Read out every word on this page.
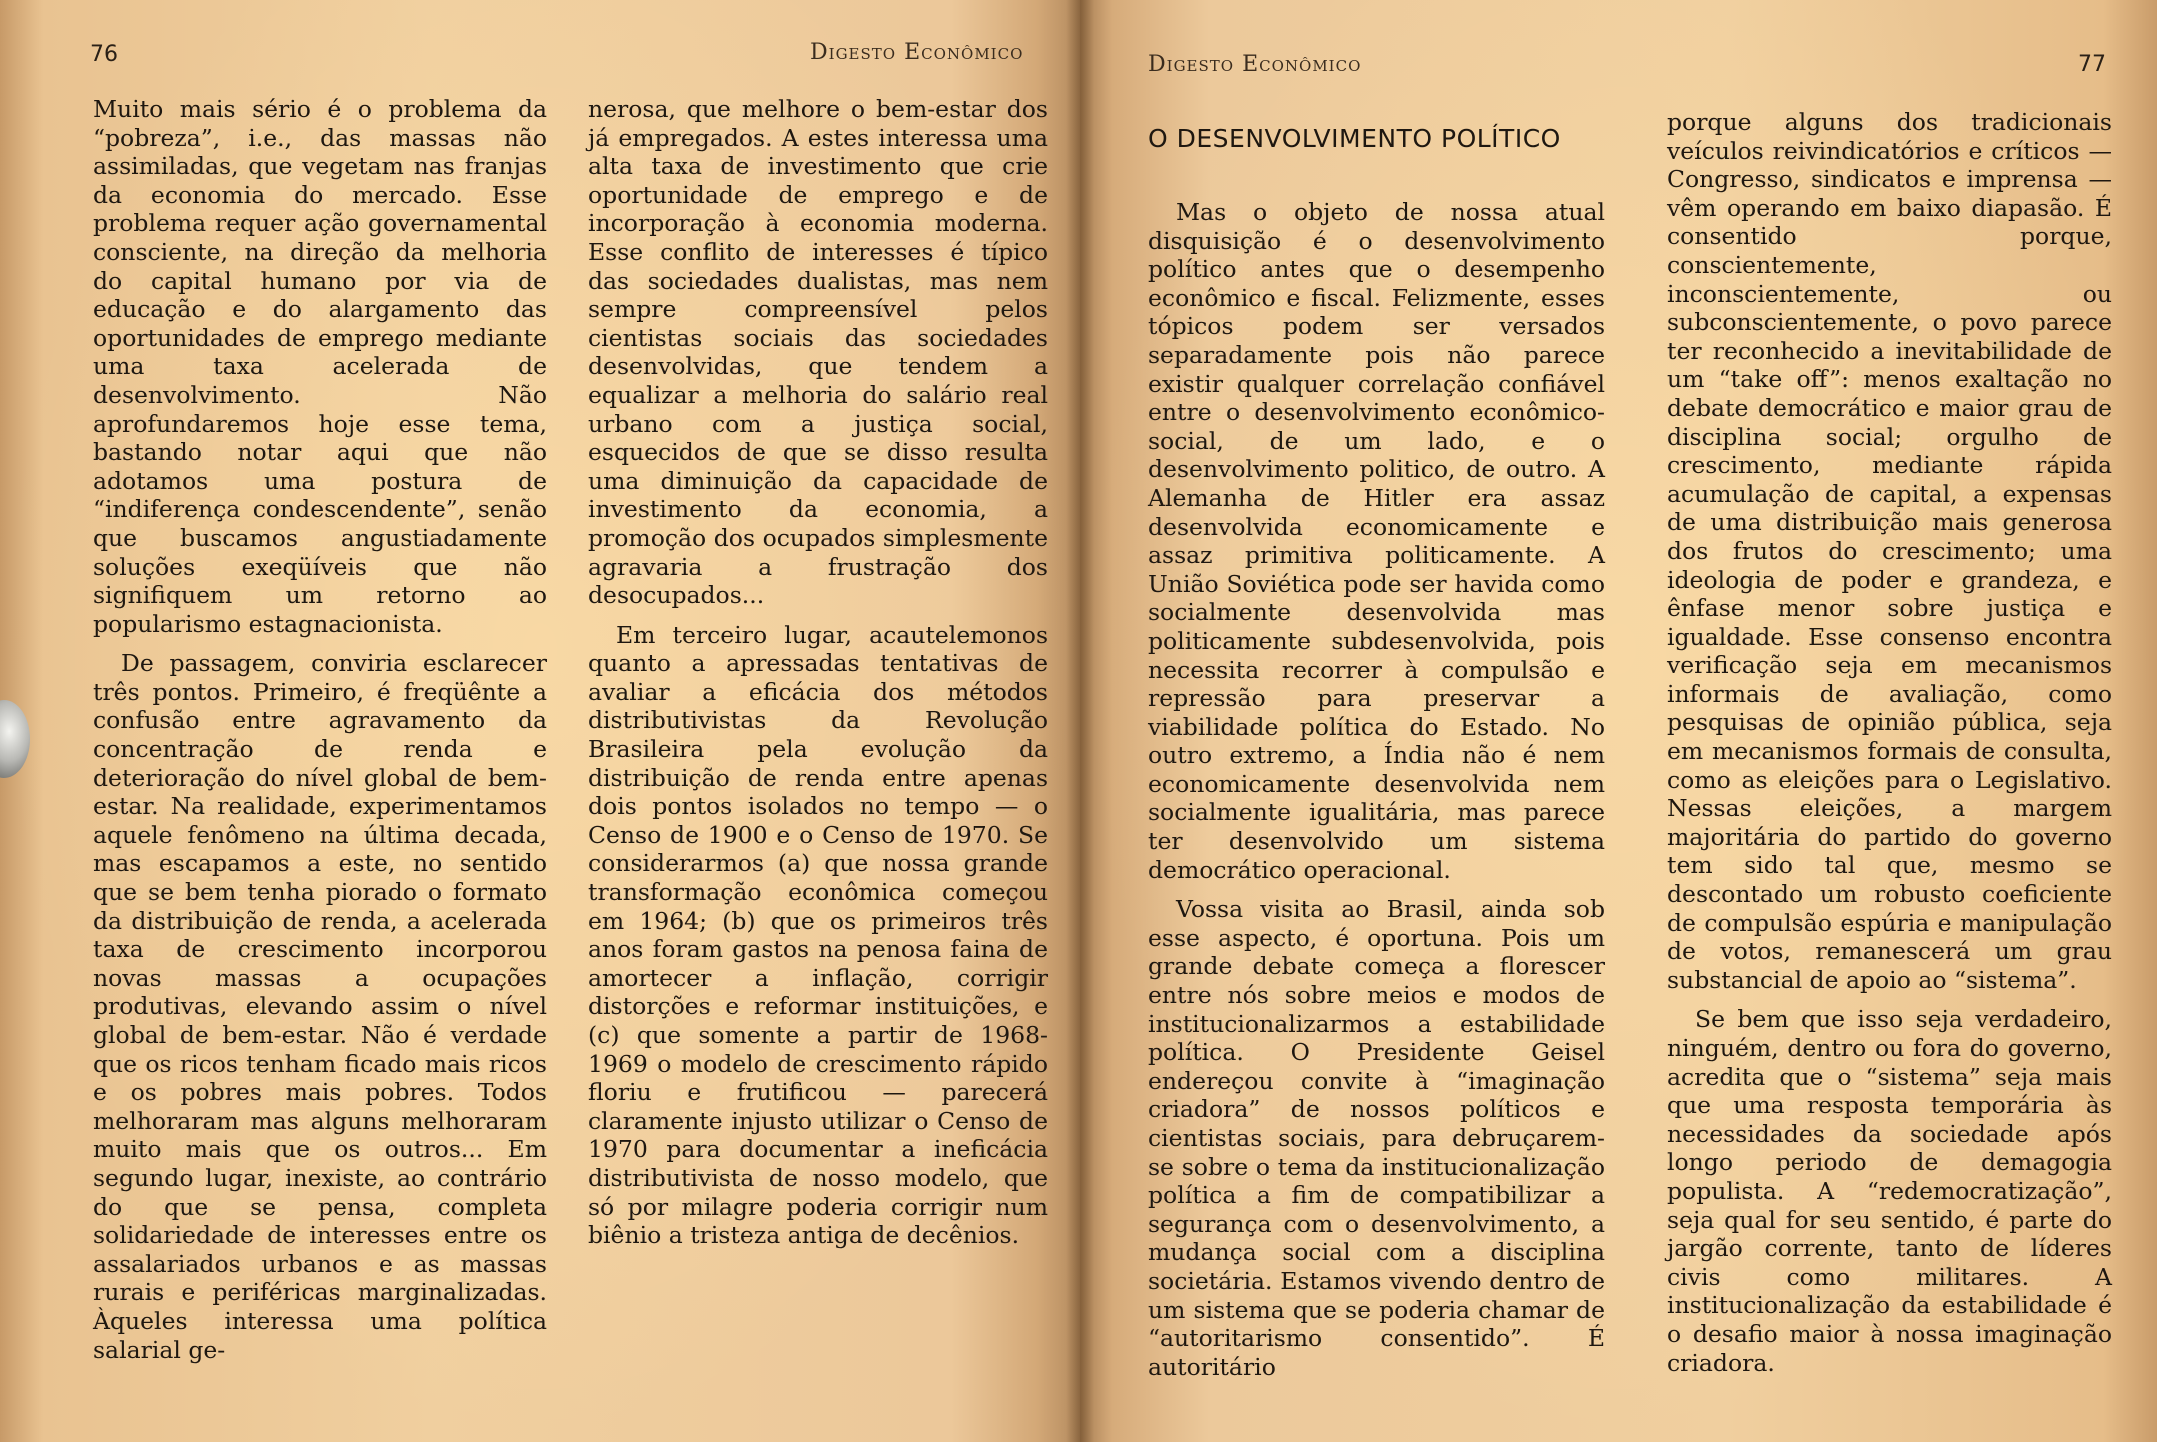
76	Digesto Econômico

Muito mais sério é o problema da “pobreza”, i.e., das massas não assimiladas, que vegetam nas franjas da economia do mercado. Esse problema requer ação governamental consciente, na direção da melhoria do capital humano por via de educação e do alargamento das oportunidades de emprego mediante uma taxa acelerada de desenvolvimento. Não aprofundaremos hoje esse tema, bastando notar aqui que não adotamos uma postura de “indiferença condescendente”, senão que buscamos angustiadamente soluções exeqüíveis que não signifiquem um retorno ao popularismo estagnacionista.

De passagem, conviria esclarecer três pontos. Primeiro, é freqüênte a confusão entre agravamento da concentração de renda e deterioração do nível global de bem-estar. Na realidade, experimentamos aquele fenômeno na última decada, mas escapamos a este, no sentido que se bem tenha piorado o formato da distribuição de renda, a acelerada taxa de crescimento incorporou novas massas a ocupações produtivas, elevando assim o nível global de bem-estar. Não é verdade que os ricos tenham ficado mais ricos e os pobres mais pobres. Todos melhoraram mas alguns melhoraram muito mais que os outros... Em segundo lugar, inexiste, ao contrário do que se pensa, completa solidariedade de interesses entre os assalariados urbanos e as massas rurais e periféricas marginalizadas. Àqueles interessa uma política salarial ge-

nerosa, que melhore o bem-estar dos já empregados. A estes interessa uma alta taxa de investimento que crie oportunidade de emprego e de incorporação à economia moderna. Esse conflito de interesses é típico das sociedades dualistas, mas nem sempre compreensível pelos cientistas sociais das sociedades desenvolvidas, que tendem a equalizar a melhoria do salário real urbano com a justiça social, esquecidos de que se disso resulta uma diminuição da capacidade de investimento da economia, a promoção dos ocupados simplesmente agravaria a frustração dos desocupados...

Em terceiro lugar, acautelemonos quanto a apressadas tentativas de avaliar a eficácia dos métodos distributivistas da Revolução Brasileira pela evolução da distribuição de renda entre apenas dois pontos isolados no tempo — o Censo de 1900 e o Censo de 1970. Se considerarmos (a) que nossa grande transformação econômica começou em 1964; (b) que os primeiros três anos foram gastos na penosa faina de amortecer a inflação, corrigir distorções e reformar instituições, e (c) que somente a partir de 1968-1969 o modelo de crescimento rápido floriu e frutificou — parecerá claramente injusto utilizar o Censo de 1970 para documentar a ineficácia distributivista de nosso modelo, que só por milagre poderia corrigir num biênio a tristeza antiga de decênios.

Digesto Econômico	77
O DESENVOLVIMENTO POLÍTICO

Mas o objeto de nossa atual disquisição é o desenvolvimento político antes que o desempenho econômico e fiscal. Felizmente, esses tópicos podem ser versados separadamente pois não parece existir qualquer correlação confiável entre o desenvolvimento econômico-social, de um lado, e o desenvolvimento politico, de outro. A Alemanha de Hitler era assaz desenvolvida economicamente e assaz primitiva politicamente. A União Soviética pode ser havida como socialmente desenvolvida mas politicamente subdesenvolvida, pois necessita recorrer à compulsão e repressão para preservar a viabilidade política do Estado. No outro extremo, a Índia não é nem economicamente desenvolvida nem socialmente igualitária, mas parece ter desenvolvido um sistema democrático operacional.

Vossa visita ao Brasil, ainda sob esse aspecto, é oportuna. Pois um grande debate começa a florescer entre nós sobre meios e modos de institucionalizarmos a estabilidade política. O Presidente Geisel endereçou convite à “imaginação criadora” de nossos políticos e cientistas sociais, para debruçarem-se sobre o tema da institucionalização política a fim de compatibilizar a segurança com o desenvolvimento, a mudança social com a disciplina societária. Estamos vivendo dentro de um sistema que se poderia chamar de “autoritarismo consentido”. É autoritário

porque alguns dos tradicionais veículos reivindicatórios e críticos — Congresso, sindicatos e imprensa — vêm operando em baixo diapasão. É consentido porque, conscientemente, inconscientemente, ou subconscientemente, o povo parece ter reconhecido a inevitabilidade de um “take off”: menos exaltação no debate democrático e maior grau de disciplina social; orgulho de crescimento, mediante rápida acumulação de capital, a expensas de uma distribuição mais generosa dos frutos do crescimento; uma ideologia de poder e grandeza, e ênfase menor sobre justiça e igualdade. Esse consenso encontra verificação seja em mecanismos informais de avaliação, como pesquisas de opinião pública, seja em mecanismos formais de consulta, como as eleições para o Legislativo. Nessas eleições, a margem majoritária do partido do governo tem sido tal que, mesmo se descontado um robusto coeficiente de compulsão espúria e manipulação de votos, remanescerá um grau substancial de apoio ao “sistema”.

Se bem que isso seja verdadeiro, ninguém, dentro ou fora do governo, acredita que o “sistema” seja mais que uma resposta temporária às necessidades da sociedade após longo periodo de demagogia populista. A “redemocratização”, seja qual for seu sentido, é parte do jargão corrente, tanto de líderes civis como militares. A institucionalização da estabilidade é o desafio maior à nossa imaginação criadora.
